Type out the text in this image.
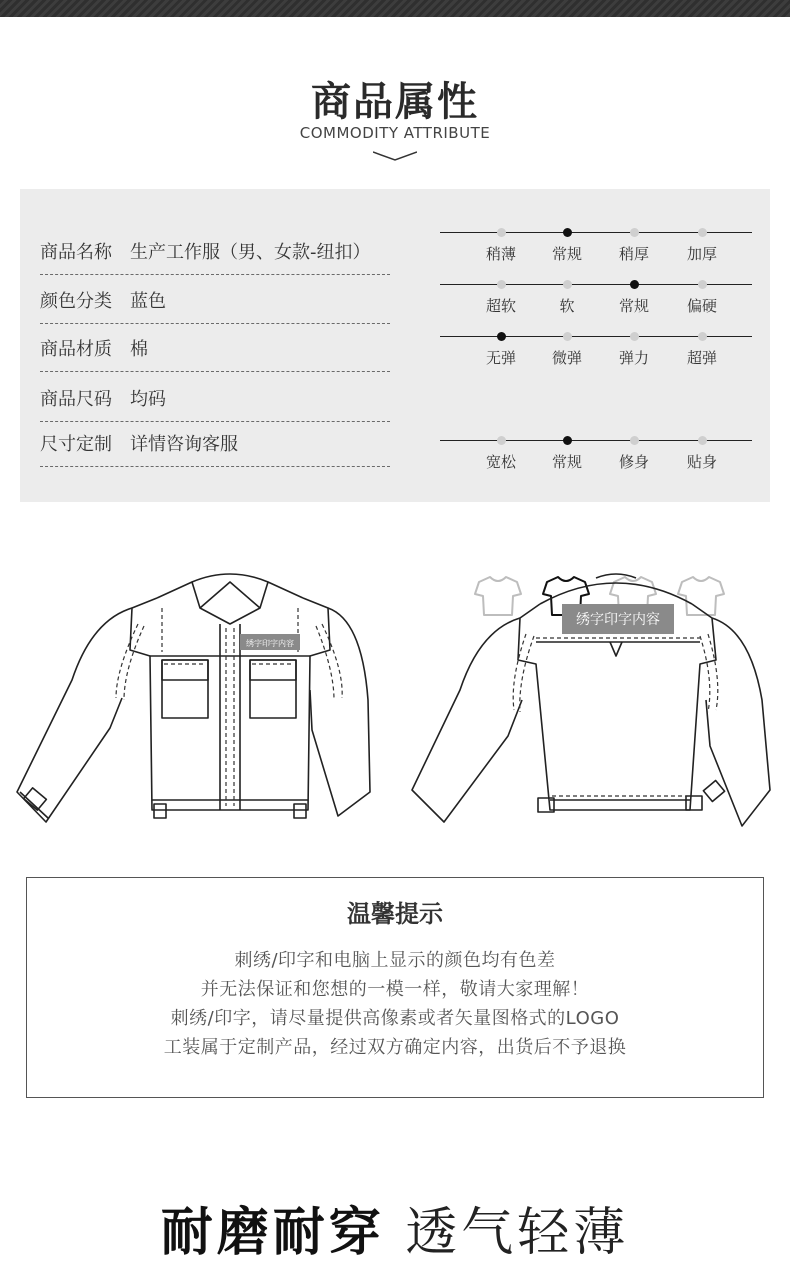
商品属性
COMMODITY ATTRIBUTE
商品名称 生产工作服（男、女款-纽扣）
颜色分类 蓝色
商品材质 棉
商品尺码 均码
尺寸定制 详情咨询客服
稍薄	常规	稍厚	加厚
超软	软	常规	偏硬
无弹	微弹	弹力	超弹
宽松	常规	修身	贴身
绣字印字内容
绣字印字内容
温馨提示

刺绣/印字和电脑上显示的颜色均有色差

并无法保证和您想的一模一样，敬请大家理解！

刺绣/印字，请尽量提供高像素或者矢量图格式的LOGO

工装属于定制产品，经过双方确定内容，出货后不予退换

耐磨耐穿 透气轻薄
